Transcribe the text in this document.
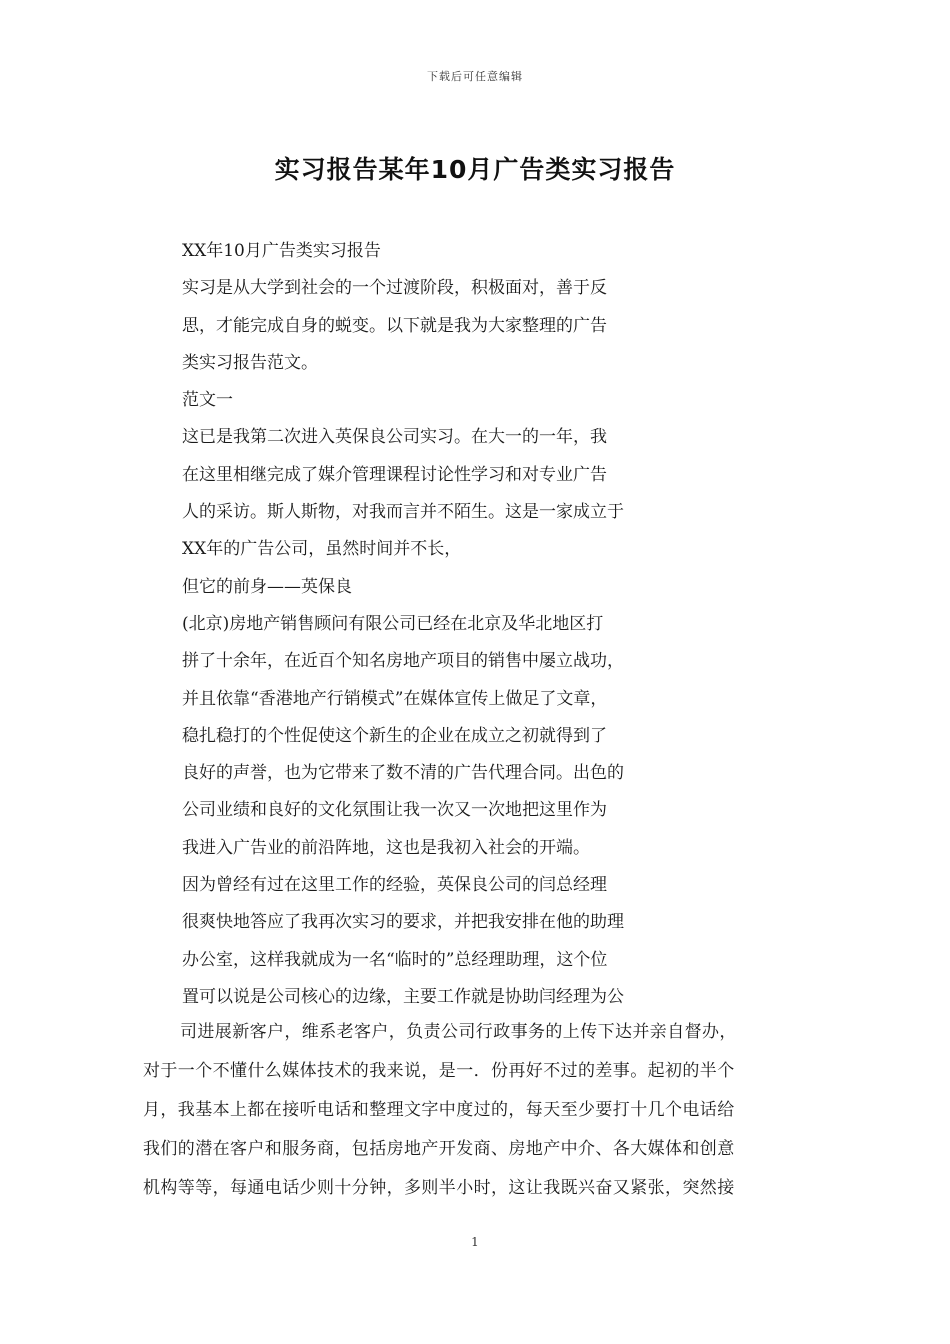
下载后可任意编辑
实习报告某年10月广告类实习报告
XX年10月广告类实习报告
实习是从大学到社会的一个过渡阶段，积极面对，善于反
思，才能完成自身的蜕变。以下就是我为大家整理的广告
类实习报告范文。
范文一
这已是我第二次进入英保良公司实习。在大一的一年，我
在这里相继完成了媒介管理课程讨论性学习和对专业广告
人的采访。斯人斯物，对我而言并不陌生。这是一家成立于
XX年的广告公司，虽然时间并不长，
但它的前身——英保良
(北京)房地产销售顾问有限公司已经在北京及华北地区打
拼了十余年，在近百个知名房地产项目的销售中屡立战功，
并且依靠“香港地产行销模式”在媒体宣传上做足了文章，
稳扎稳打的个性促使这个新生的企业在成立之初就得到了
良好的声誉，也为它带来了数不清的广告代理合同。出色的
公司业绩和良好的文化氛围让我一次又一次地把这里作为
我进入广告业的前沿阵地，这也是我初入社会的开端。
因为曾经有过在这里工作的经验，英保良公司的闫总经理
很爽快地答应了我再次实习的要求，并把我安排在他的助理
办公室，这样我就成为一名“临时的”总经理助理，这个位
置可以说是公司核心的边缘，主要工作就是协助闫经理为公
司进展新客户，维系老客户，负责公司行政事务的上传下达并亲自督办，
对于一个不懂什么媒体技术的我来说，是一．份再好不过的差事。起初的半个
月，我基本上都在接听电话和整理文字中度过的，每天至少要打十几个电话给
我们的潜在客户和服务商，包括房地产开发商、房地产中介、各大媒体和创意
机构等等，每通电话少则十分钟，多则半小时，这让我既兴奋又紧张，突然接
1
